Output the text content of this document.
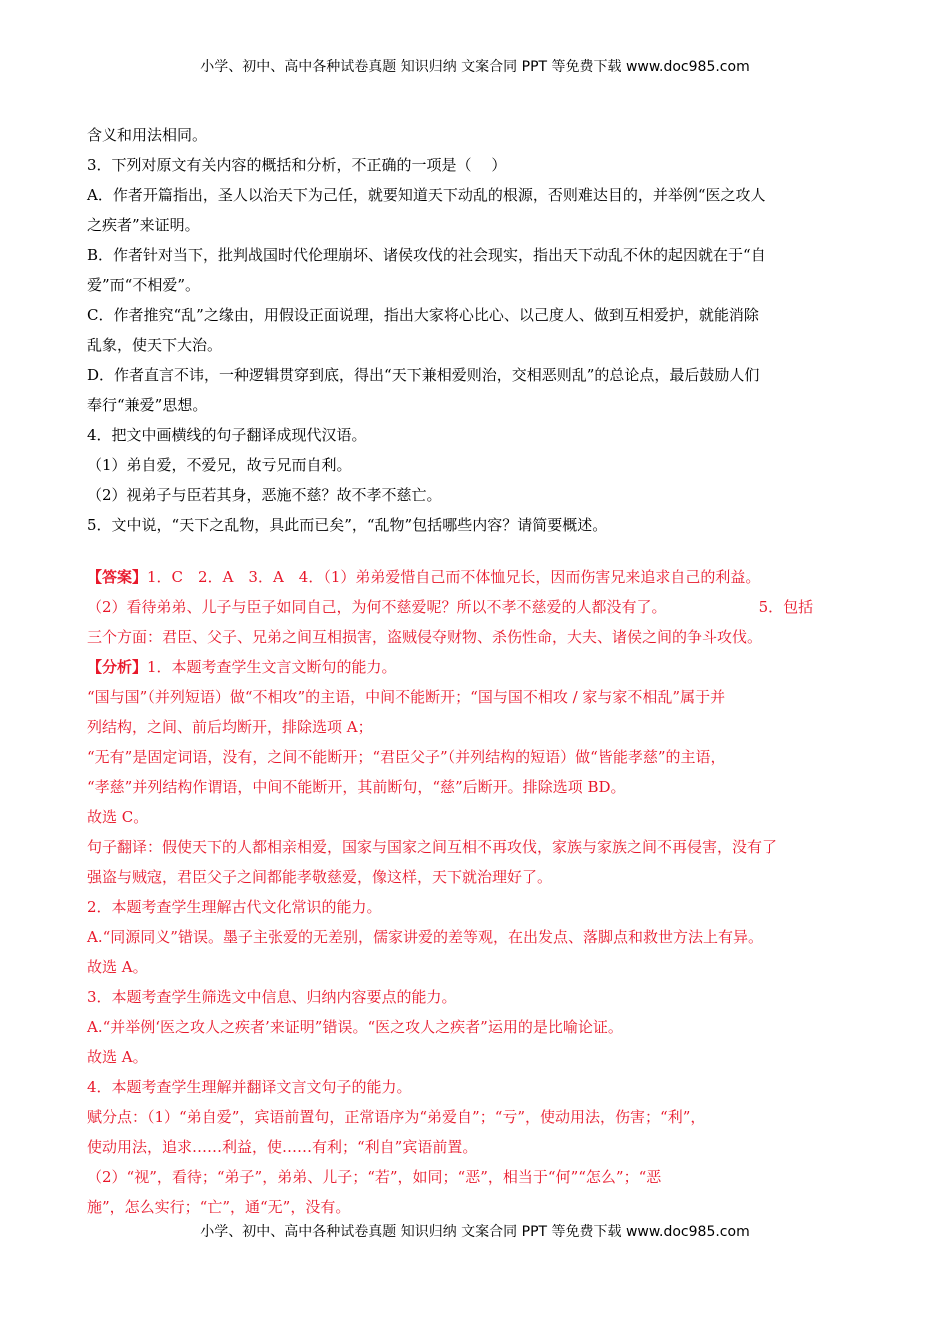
小学、初中、高中各种试卷真题 知识归纳 文案合同 PPT 等免费下载 www.doc985.com
含义和用法相同。
3．下列对原文有关内容的概括和分析，不正确的一项是（　 ）
A．作者开篇指出，圣人以治天下为己任，就要知道天下动乱的根源，否则难达目的，并举例“医之攻人
之疾者”来证明。
B．作者针对当下，批判战国时代伦理崩坏、诸侯攻伐的社会现实，指出天下动乱不休的起因就在于“自
爱”而“不相爱”。
C．作者推究“乱”之缘由，用假设正面说理，指出大家将心比心、以己度人、做到互相爱护，就能消除
乱象，使天下大治。
D．作者直言不讳，一种逻辑贯穿到底，得出“天下兼相爱则治，交相恶则乱”的总论点，最后鼓励人们
奉行“兼爱”思想。
4．把文中画横线的句子翻译成现代汉语。
（1）弟自爱，不爱兄，故亏兄而自利。
（2）视弟子与臣若其身，恶施不慈？故不孝不慈亡。
5．文中说，“天下之乱物，具此而已矣”，“乱物”包括哪些内容？请简要概述。
【答案】1．C　2．A　3．A　4．（1）弟弟爱惜自己而不体恤兄长，因而伤害兄来追求自己的利益。
（2）看待弟弟、儿子与臣子如同自己，为何不慈爱呢？所以不孝不慈爱的人都没有了。	5．包括
三个方面：君臣、父子、兄弟之间互相损害，盗贼侵夺财物、杀伤性命，大夫、诸侯之间的争斗攻伐。
【分析】1．本题考查学生文言文断句的能力。
“国与国”（并列短语）做“不相攻”的主语，中间不能断开；“国与国不相攻 / 家与家不相乱”属于并
列结构，之间、前后均断开，排除选项 A；
“无有”是固定词语，没有，之间不能断开；“君臣父子”（并列结构的短语）做“皆能孝慈”的主语，
“孝慈”并列结构作谓语，中间不能断开，其前断句，“慈”后断开。排除选项 BD。
故选 C。
句子翻译：假使天下的人都相亲相爱，国家与国家之间互相不再攻伐，家族与家族之间不再侵害，没有了
强盗与贼寇，君臣父子之间都能孝敬慈爱，像这样，天下就治理好了。
2．本题考查学生理解古代文化常识的能力。
A.“同源同义”错误。墨子主张爱的无差别，儒家讲爱的差等观，在出发点、落脚点和救世方法上有异。
故选 A。
3．本题考查学生筛选文中信息、归纳内容要点的能力。
A.“并举例‘医之攻人之疾者’来证明”错误。“医之攻人之疾者”运用的是比喻论证。
故选 A。
4．本题考查学生理解并翻译文言文句子的能力。
赋分点：（1）“弟自爱”，宾语前置句，正常语序为“弟爱自”；“亏”，使动用法，伤害；“利”，
使动用法，追求……利益，使……有利；“利自”宾语前置。
（2）“视”，看待；“弟子”，弟弟、儿子；“若”，如同；“恶”，相当于“何”“怎么”；“恶
施”，怎么实行；“亡”，通“无”，没有。
小学、初中、高中各种试卷真题 知识归纳 文案合同 PPT 等免费下载 www.doc985.com
